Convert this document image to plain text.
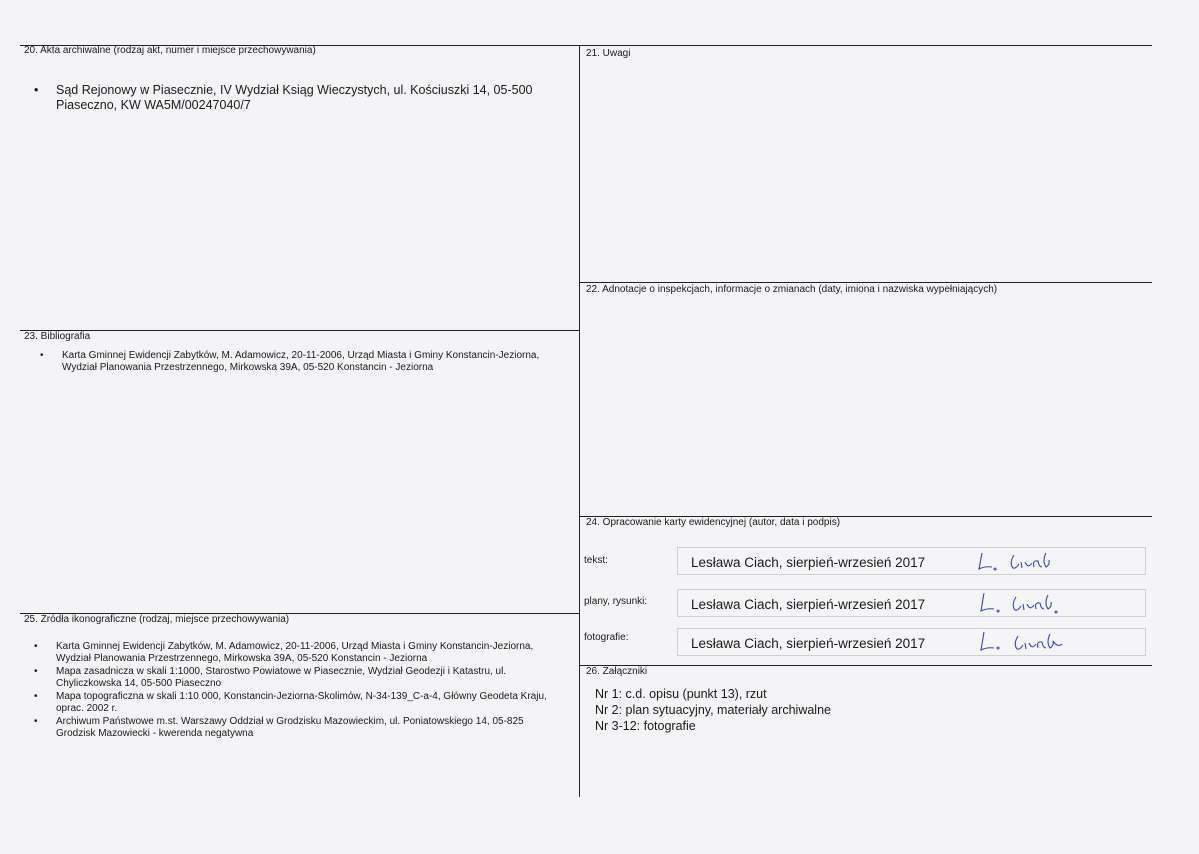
20. Akta archiwalne (rodzaj akt, numer i miejsce przechowywania)
• Sąd Rejonowy w Piasecznie, IV Wydział Ksiąg Wieczystych, ul. Kościuszki 14, 05-500 Piaseczno, KW WA5M/00247040/7
21. Uwagi
22. Adnotacje o inspekcjach, informacje o zmianach (daty, imiona i nazwiska wypełniających)
23. Bibliografia
• Karta Gminnej Ewidencji Zabytków, M. Adamowicz, 20-11-2006, Urząd Miasta i Gminy Konstancin-Jeziorna, Wydział Planowania Przestrzennego, Mirkowska 39A, 05-520 Konstancin - Jeziorna
24. Opracowanie karty ewidencyjnej (autor, data i podpis)
tekst:	Lesława Ciach, sierpień-wrzesień 2017
plany, rysunki:	Lesława Ciach, sierpień-wrzesień 2017
fotografie:	Lesława Ciach, sierpień-wrzesień 2017
25. Źródła ikonograficzne (rodzaj, miejsce przechowywania)
• Karta Gminnej Ewidencji Zabytków, M. Adamowicz, 20-11-2006, Urząd Miasta i Gminy Konstancin-Jeziorna, Wydział Planowania Przestrzennego, Mirkowska 39A, 05-520 Konstancin - Jeziorna
• Mapa zasadnicza w skali 1:1000, Starostwo Powiatowe w Piasecznie, Wydział Geodezji i Katastru, ul. Chyliczkowska 14, 05-500 Piaseczno
• Mapa topograficzna w skali 1:10 000, Konstancin-Jeziorna-Skolimów, N-34-139_C-a-4, Główny Geodeta Kraju, oprac. 2002 r.
• Archiwum Państwowe m.st. Warszawy Oddział w Grodzisku Mazowieckim, ul. Poniatowskiego 14, 05-825 Grodzisk Mazowiecki - kwerenda negatywna
26. Załączniki
Nr 1: c.d. opisu (punkt 13), rzut
Nr 2: plan sytuacyjny, materiały archiwalne
Nr 3-12: fotografie
